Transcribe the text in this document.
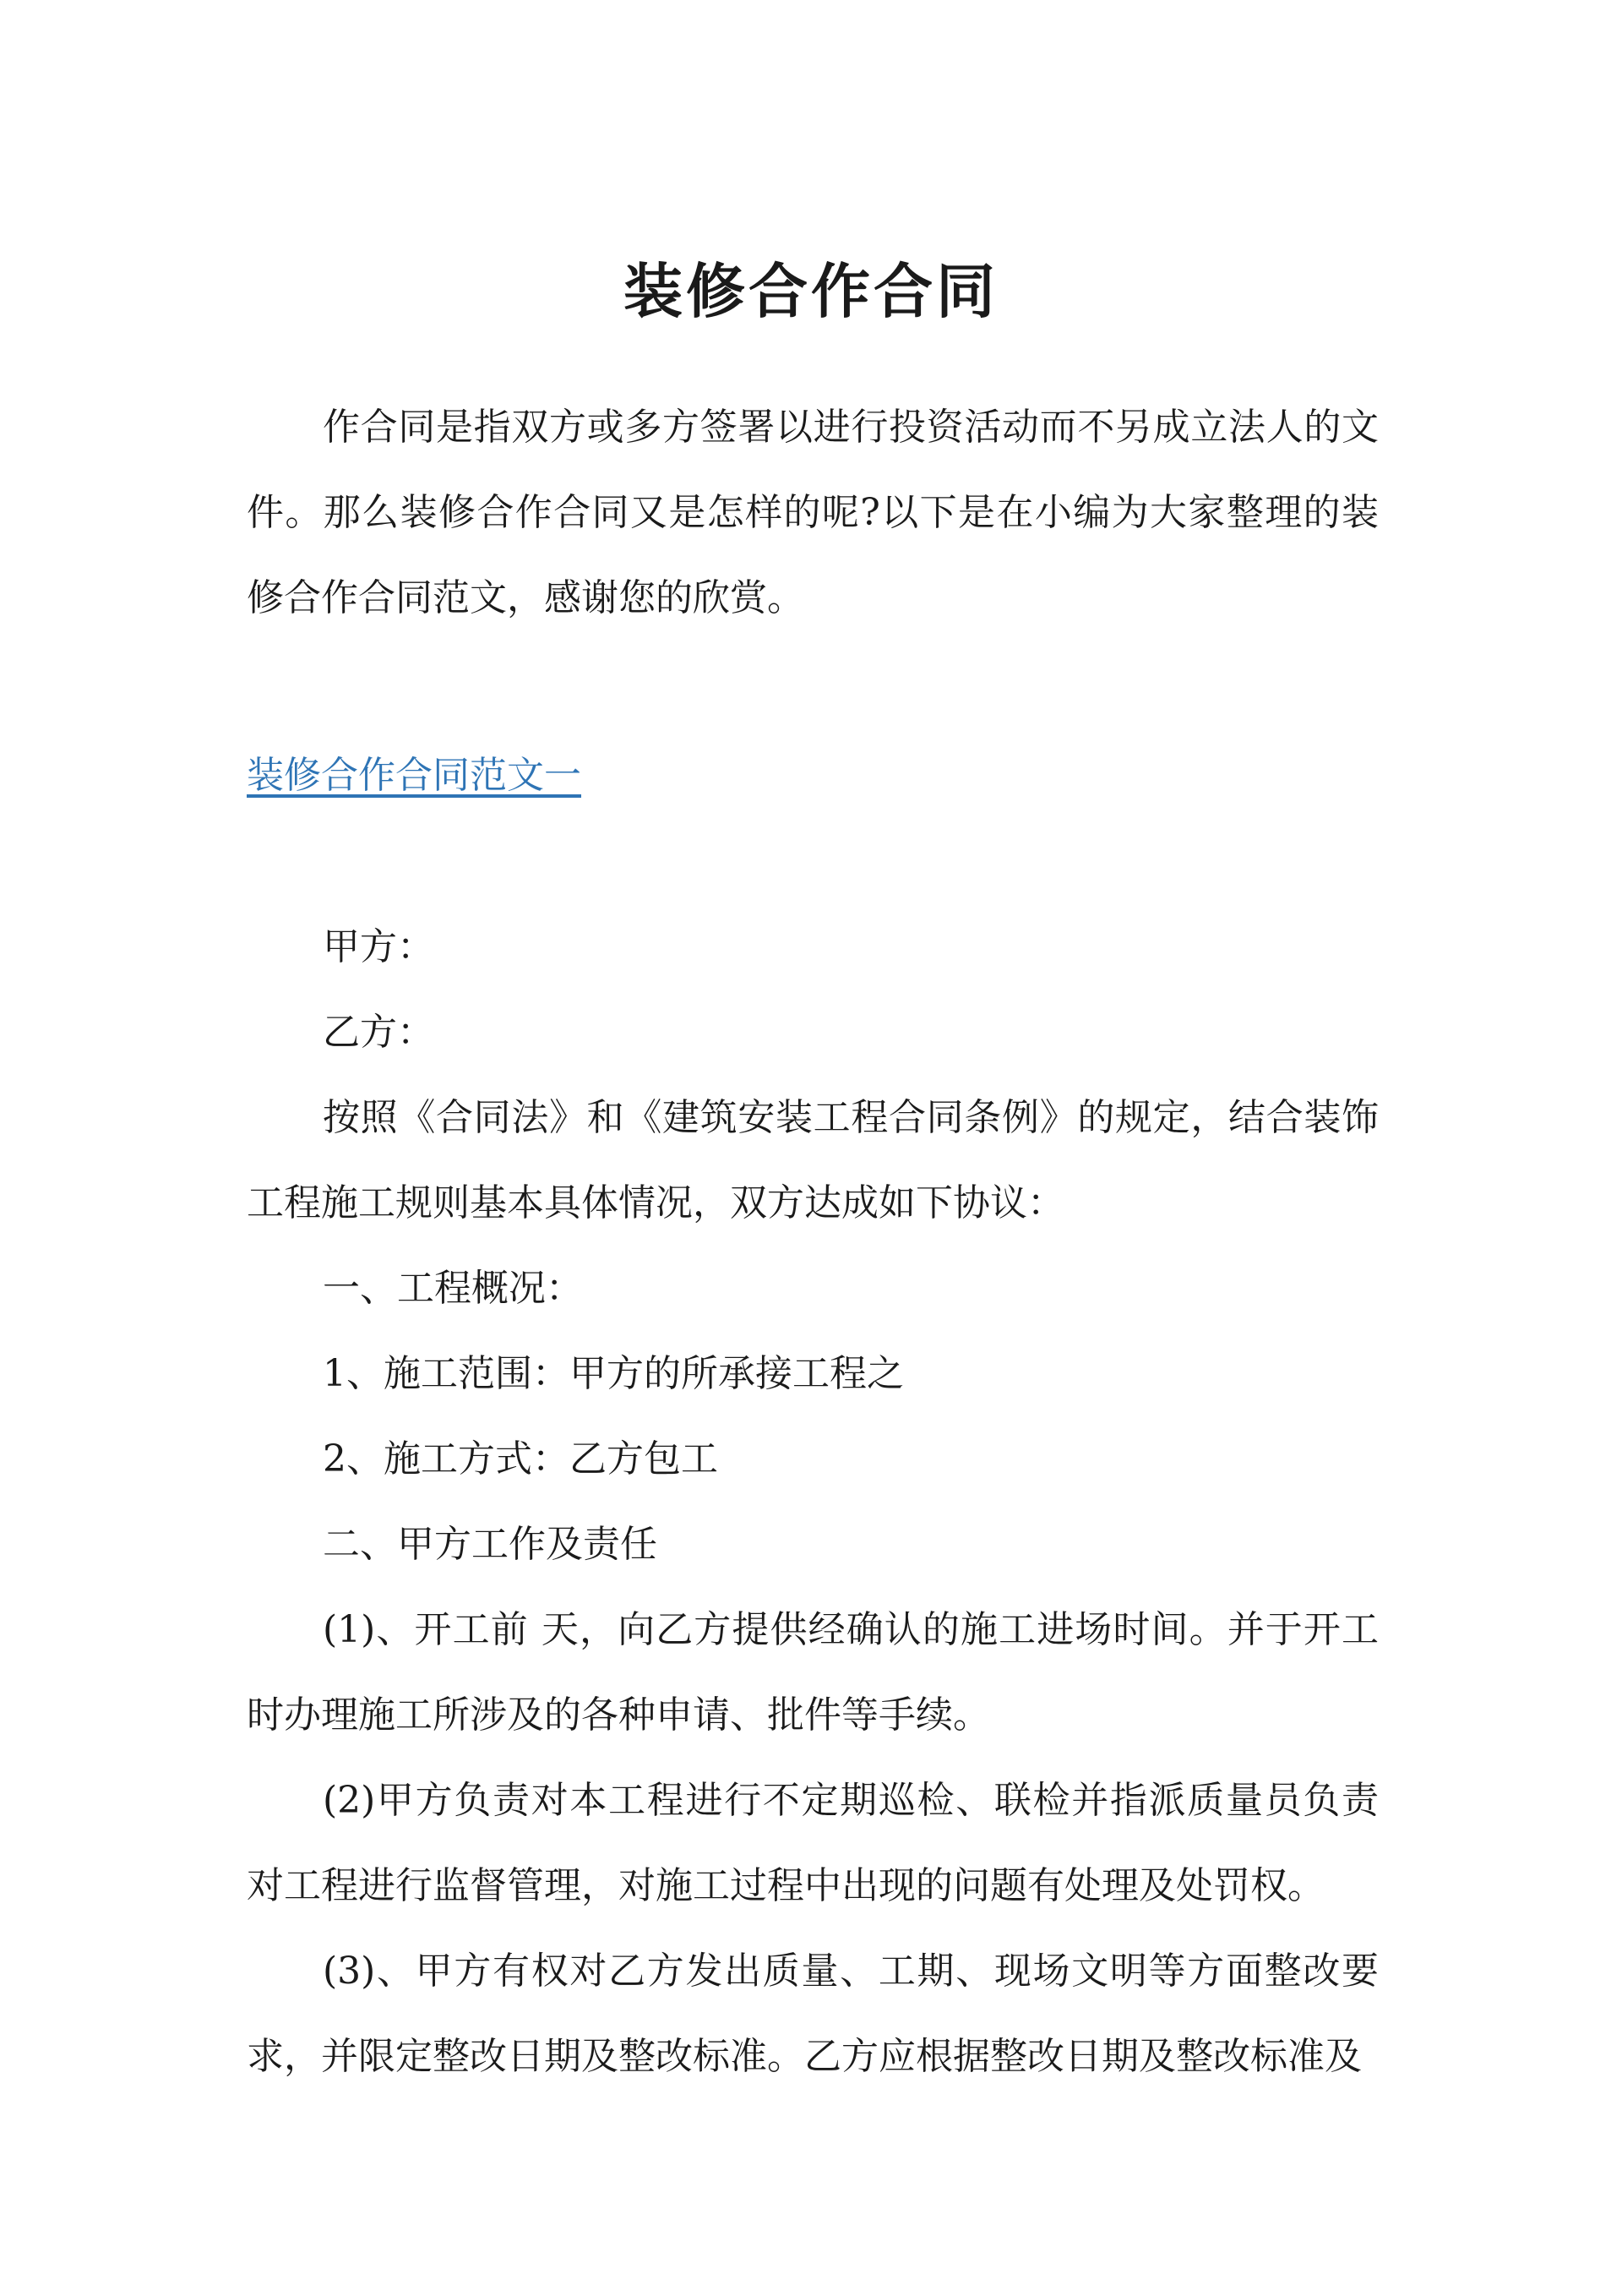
装修合作合同

作合同是指双方或多方签署以进行投资活动而不另成立法人的文件。那么装修合作合同又是怎样的呢?以下是在小编为大家整理的装修合作合同范文，感谢您的欣赏。

装修合作合同范文一

甲方：

乙方：

按照《合同法》和《建筑安装工程合同条例》的规定，结合装饰工程施工规则基本具体情况，双方达成如下协议：

一、工程概况：

1、施工范围：甲方的所承接工程之

2、施工方式：乙方包工

二、甲方工作及责任

(1)、开工前 天，向乙方提供经确认的施工进场时间。并于开工时办理施工所涉及的各种申请、批件等手续。

(2)甲方负责对本工程进行不定期巡检、联检并指派质量员负责对工程进行监督管理，对施工过程中出现的问题有处理及处罚权。

(3)、甲方有权对乙方发出质量、工期、现场文明等方面整改要求，并限定整改日期及整改标准。乙方应根据整改日期及整改标准及
